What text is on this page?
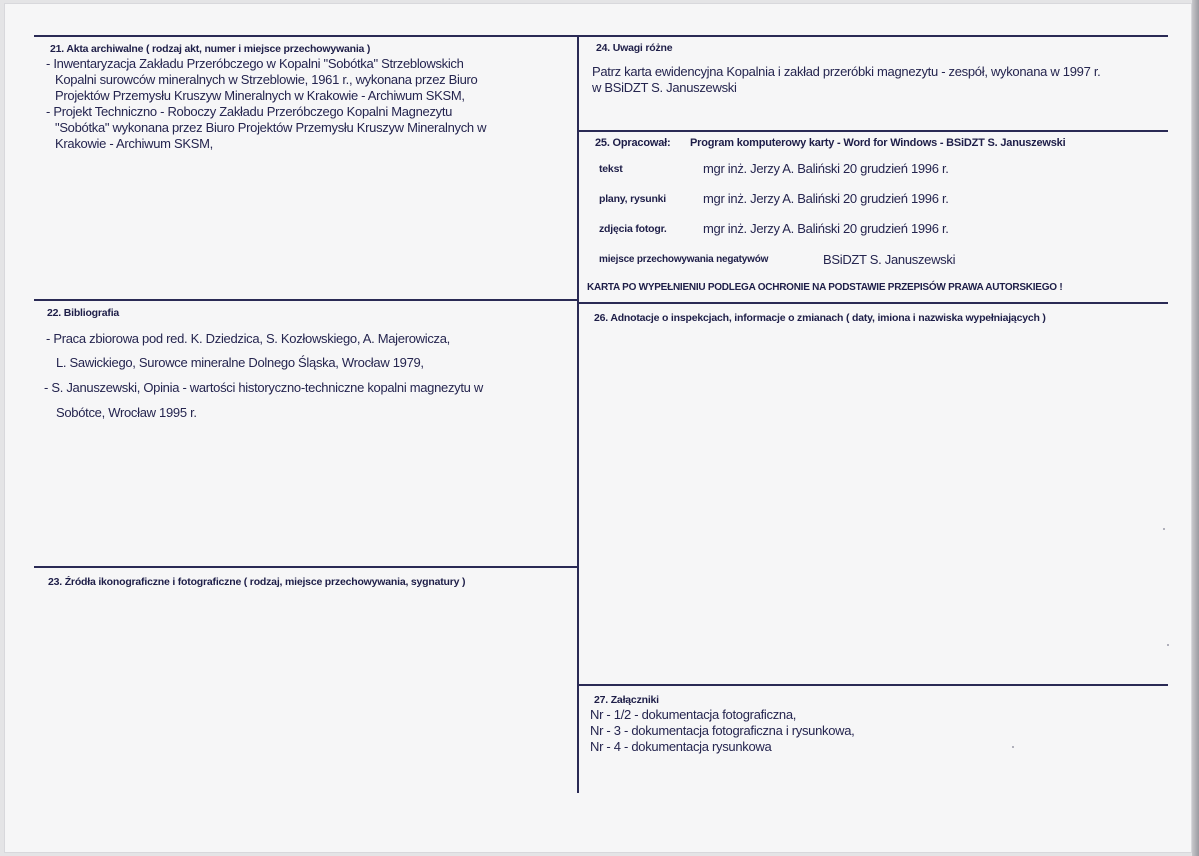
21. Akta archiwalne ( rodzaj akt, numer i miejsce przechowywania )
- Inwentaryzacja Zakładu Przeróbczego w Kopalni "Sobótka" Strzeblowskich
Kopalni surowców mineralnych w Strzeblowie, 1961 r., wykonana przez Biuro
Projektów Przemysłu Kruszyw Mineralnych w Krakowie - Archiwum SKSM,
- Projekt Techniczno - Roboczy Zakładu Przeróbczego Kopalni Magnezytu
"Sobótka" wykonana przez Biuro Projektów Przemysłu Kruszyw Mineralnych w
Krakowie - Archiwum SKSM,
22. Bibliografia
- Praca zbiorowa pod red. K. Dziedzica, S. Kozłowskiego, A. Majerowicza,
L. Sawickiego, Surowce mineralne Dolnego Śląska, Wrocław 1979,
- S. Januszewski, Opinia - wartości historyczno-techniczne kopalni magnezytu w
Sobótce, Wrocław 1995 r.
23. Źródła ikonograficzne i fotograficzne ( rodzaj, miejsce przechowywania, sygnatury )
24. Uwagi różne
Patrz karta ewidencyjna Kopalnia i zakład przeróbki magnezytu - zespół, wykonana w 1997 r.
w BSiDZT S. Januszewski
25. Opracował: Program komputerowy karty - Word for Windows - BSiDZT S. Januszewski
tekst	mgr inż. Jerzy A. Baliński 20 grudzień 1996 r.
plany, rysunki	mgr inż. Jerzy A. Baliński 20 grudzień 1996 r.
zdjęcia fotogr.	mgr inż. Jerzy A. Baliński 20 grudzień 1996 r.
miejsce przechowywania negatywów	BSiDZT S. Januszewski
KARTA PO WYPEŁNIENIU PODLEGA OCHRONIE NA PODSTAWIE PRZEPISÓW PRAWA AUTORSKIEGO !
26. Adnotacje o inspekcjach, informacje o zmianach ( daty, imiona i nazwiska wypełniających )
27. Załączniki
Nr - 1/2 - dokumentacja fotograficzna,
Nr - 3 - dokumentacja fotograficzna i rysunkowa,
Nr - 4 - dokumentacja rysunkowa
